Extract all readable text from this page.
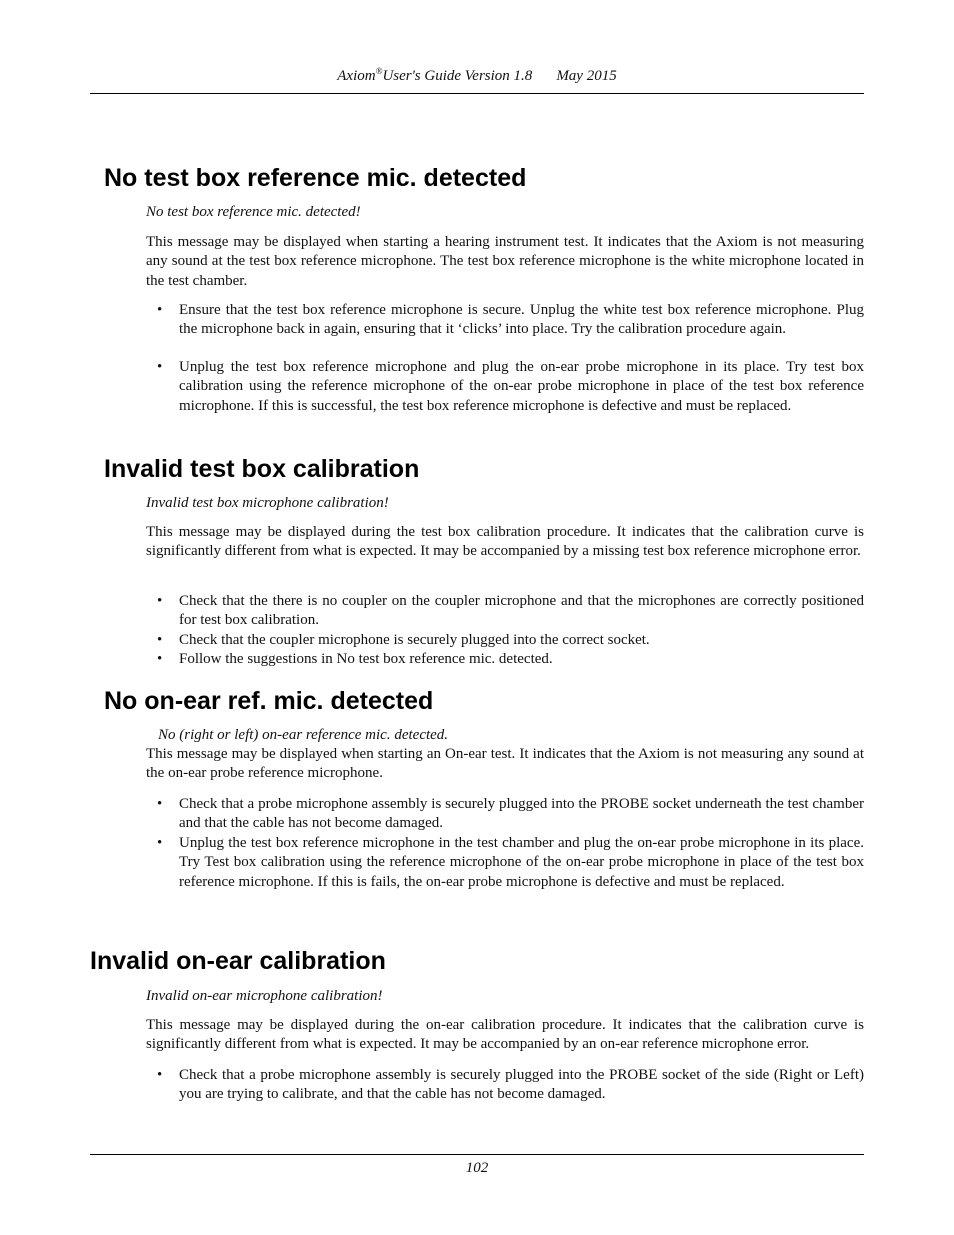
Axiom®User's Guide Version 1.8 May 2015
No test box reference mic. detected

No test box reference mic. detected!

This message may be displayed when starting a hearing instrument test. It indicates that the Axiom is not measuring any sound at the test box reference microphone. The test box reference microphone is the white microphone located in the test chamber.

• Ensure that the test box reference microphone is secure. Unplug the white test box reference microphone. Plug the microphone back in again, ensuring that it ‘clicks’ into place. Try the calibration procedure again.
• Unplug the test box reference microphone and plug the on-ear probe microphone in its place. Try test box calibration using the reference microphone of the on-ear probe microphone in place of the test box reference microphone. If this is successful, the test box reference microphone is defective and must be replaced.
Invalid test box calibration

Invalid test box microphone calibration!

This message may be displayed during the test box calibration procedure. It indicates that the calibration curve is significantly different from what is expected. It may be accompanied by a missing test box reference microphone error.

• Check that the there is no coupler on the coupler microphone and that the microphones are correctly positioned for test box calibration.
• Check that the coupler microphone is securely plugged into the correct socket.
• Follow the suggestions in No test box reference mic. detected.
No on-ear ref. mic. detected

No (right or left) on-ear reference mic. detected.

This message may be displayed when starting an On-ear test. It indicates that the Axiom is not measuring any sound at the on-ear probe reference microphone.

• Check that a probe microphone assembly is securely plugged into the PROBE socket underneath the test chamber and that the cable has not become damaged.
• Unplug the test box reference microphone in the test chamber and plug the on-ear probe microphone in its place. Try Test box calibration using the reference microphone of the on-ear probe microphone in place of the test box reference microphone. If this is fails, the on-ear probe microphone is defective and must be replaced.
Invalid on-ear calibration

Invalid on-ear microphone calibration!

This message may be displayed during the on-ear calibration procedure. It indicates that the calibration curve is significantly different from what is expected. It may be accompanied by an on-ear reference microphone error.

• Check that a probe microphone assembly is securely plugged into the PROBE socket of the side (Right or Left) you are trying to calibrate, and that the cable has not become damaged.
102
